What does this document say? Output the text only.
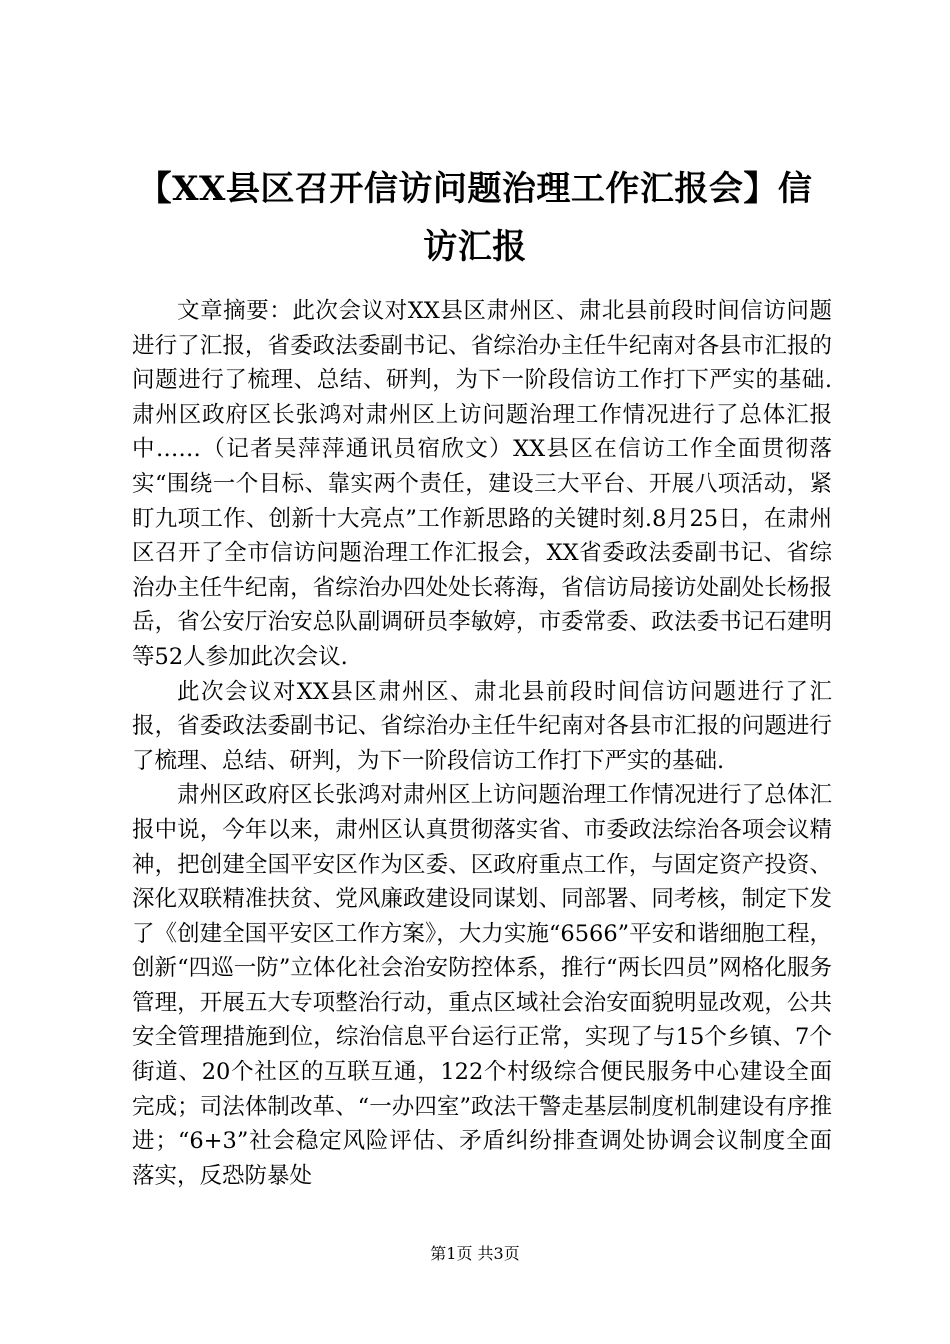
【XX县区召开信访问题治理工作汇报会】信
访汇报

文章摘要：此次会议对XX县区肃州区、肃北县前段时间信访问题进行了汇报，省委政法委副书记、省综治办主任牛纪南对各县市汇报的问题进行了梳理、总结、研判，为下一阶段信访工作打下严实的基础.肃州区政府区长张鸿对肃州区上访问题治理工作情况进行了总体汇报中……（记者吴萍萍通讯员宿欣文）XX县区在信访工作全面贯彻落实“围绕一个目标、靠实两个责任，建设三大平台、开展八项活动，紧盯九项工作、创新十大亮点”工作新思路的关键时刻.8月25日，在肃州区召开了全市信访问题治理工作汇报会，XX省委政法委副书记、省综治办主任牛纪南，省综治办四处处长蒋海，省信访局接访处副处长杨报岳，省公安厅治安总队副调研员李敏婷，市委常委、政法委书记石建明等52人参加此次会议.

此次会议对XX县区肃州区、肃北县前段时间信访问题进行了汇报，省委政法委副书记、省综治办主任牛纪南对各县市汇报的问题进行了梳理、总结、研判，为下一阶段信访工作打下严实的基础.

肃州区政府区长张鸿对肃州区上访问题治理工作情况进行了总体汇报中说，今年以来，肃州区认真贯彻落实省、市委政法综治各项会议精神，把创建全国平安区作为区委、区政府重点工作，与固定资产投资、深化双联精准扶贫、党风廉政建设同谋划、同部署、同考核，制定下发了《创建全国平安区工作方案》，大力实施“6566”平安和谐细胞工程，创新“四巡一防”立体化社会治安防控体系，推行“两长四员”网格化服务管理，开展五大专项整治行动，重点区域社会治安面貌明显改观，公共安全管理措施到位，综治信息平台运行正常，实现了与15个乡镇、7个街道、20个社区的互联互通，122个村级综合便民服务中心建设全面完成；司法体制改革、“一办四室”政法干警走基层制度机制建设有序推进；“6+3”社会稳定风险评估、矛盾纠纷排查调处协调会议制度全面落实，反恐防暴处

第1页 共3页
